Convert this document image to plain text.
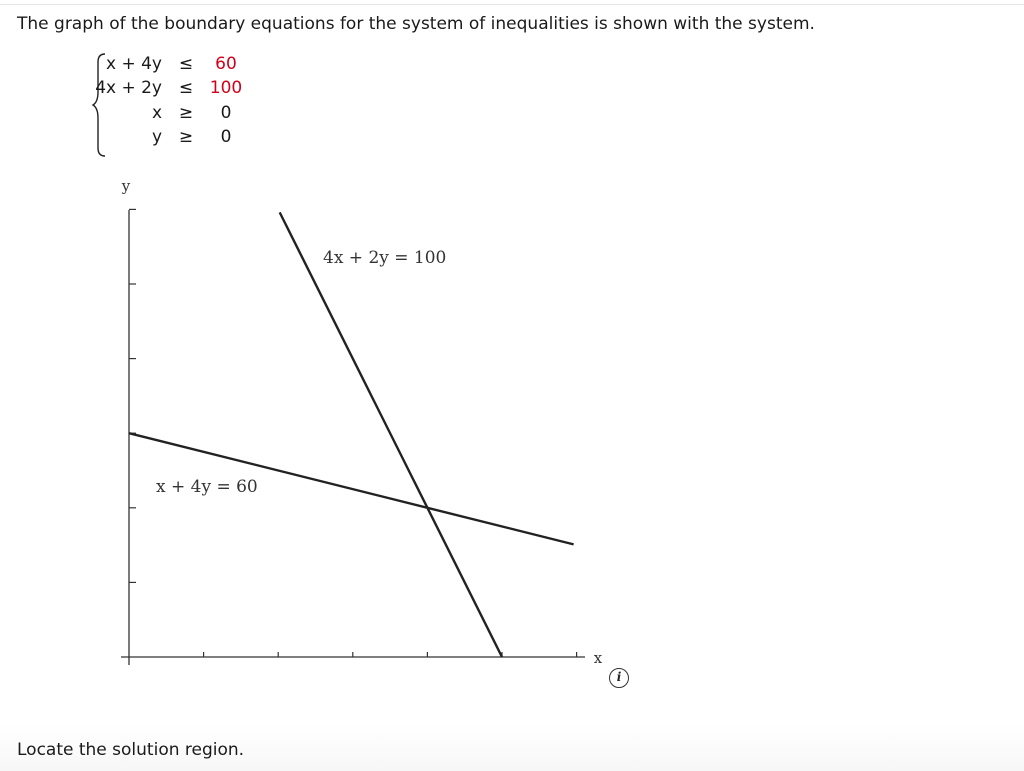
The graph of the boundary equations for the system of inequalities is shown with the system.
x + 4y ≤	60
4x + 2y ≤ 100
x ≥	0
y ≥	0
y
x
4x + 2y = 100
x + 4y = 60
i
Locate the solution region.
